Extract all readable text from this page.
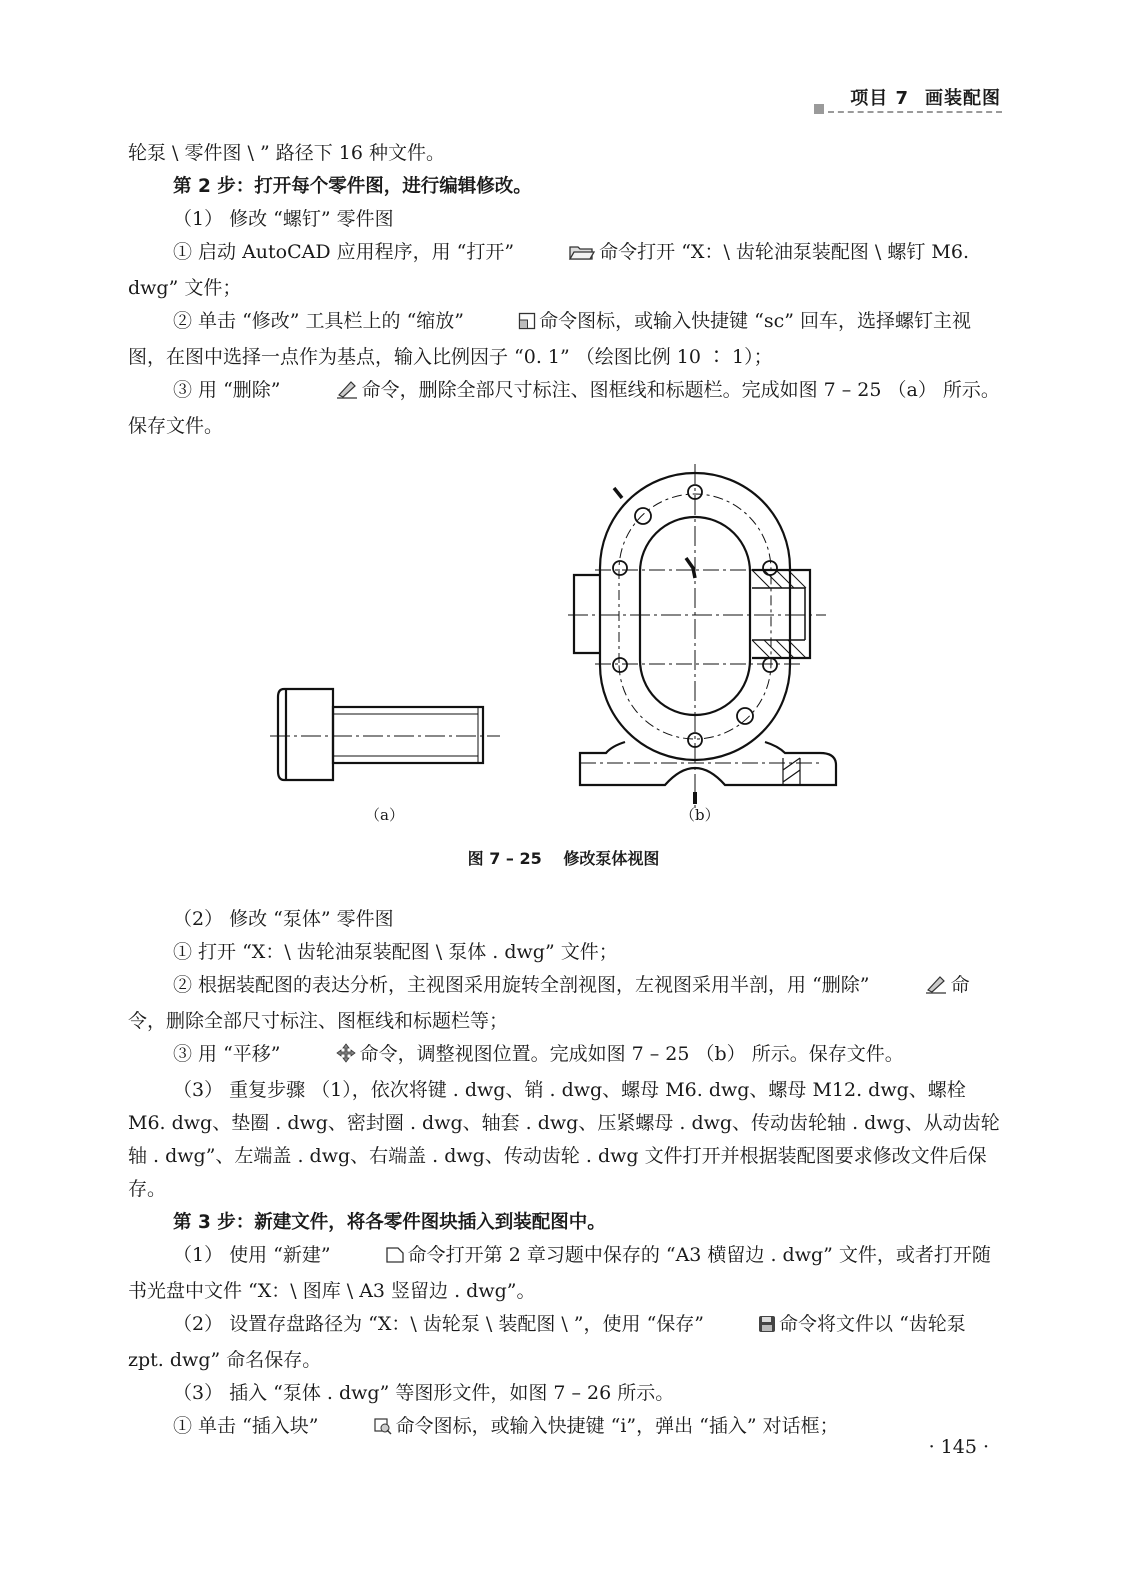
项目 7 画装配图

轮泵 \ 零件图 \ ” 路径下 16 种文件。

第 2 步：打开每个零件图，进行编辑修改。

（1） 修改 “螺钉” 零件图

① 启动 AutoCAD 应用程序，用 “打开”	命令打开 “X：\ 齿轮油泵装配图 \ 螺钉 M6. dwg” 文件；

② 单击 “修改” 工具栏上的 “缩放”	命令图标，或输入快捷键 “sc” 回车，选择螺钉主视图，在图中选择一点作为基点，输入比例因子 “0. 1” （绘图比例 10 ∶ 1）；

③ 用 “删除”	命令，删除全部尺寸标注、图框线和标题栏。完成如图 7 – 25 （a） 所示。保存文件。

（a）	（b）
图 7 – 25　 修改泵体视图

（2） 修改 “泵体” 零件图

① 打开 “X：\ 齿轮油泵装配图 \ 泵体 . dwg” 文件；

② 根据装配图的表达分析，主视图采用旋转全剖视图，左视图采用半剖，用 “删除”	命令，删除全部尺寸标注、图框线和标题栏等；

③ 用 “平移”	命令，调整视图位置。完成如图 7 – 25 （b） 所示。保存文件。

（3） 重复步骤 （1），依次将键 . dwg、销 . dwg、螺母 M6. dwg、螺母 M12. dwg、螺栓 M6. dwg、垫圈 . dwg、密封圈 . dwg、轴套 . dwg、压紧螺母 . dwg、传动齿轮轴 . dwg、从动齿轮轴 . dwg”、左端盖 . dwg、右端盖 . dwg、传动齿轮 . dwg 文件打开并根据装配图要求修改文件后保存。

第 3 步：新建文件，将各零件图块插入到装配图中。

（1） 使用 “新建”	命令打开第 2 章习题中保存的 “A3 横留边 . dwg” 文件，或者打开随书光盘中文件 “X：\ 图库 \ A3 竖留边 . dwg”。

（2） 设置存盘路径为 “X：\ 齿轮泵 \ 装配图 \ ”，使用 “保存”	命令将文件以 “齿轮泵 zpt. dwg” 命名保存。

（3） 插入 “泵体 . dwg” 等图形文件，如图 7 – 26 所示。

① 单击 “插入块”	命令图标，或输入快捷键 “i”，弹出 “插入” 对话框；

· 145 ·
